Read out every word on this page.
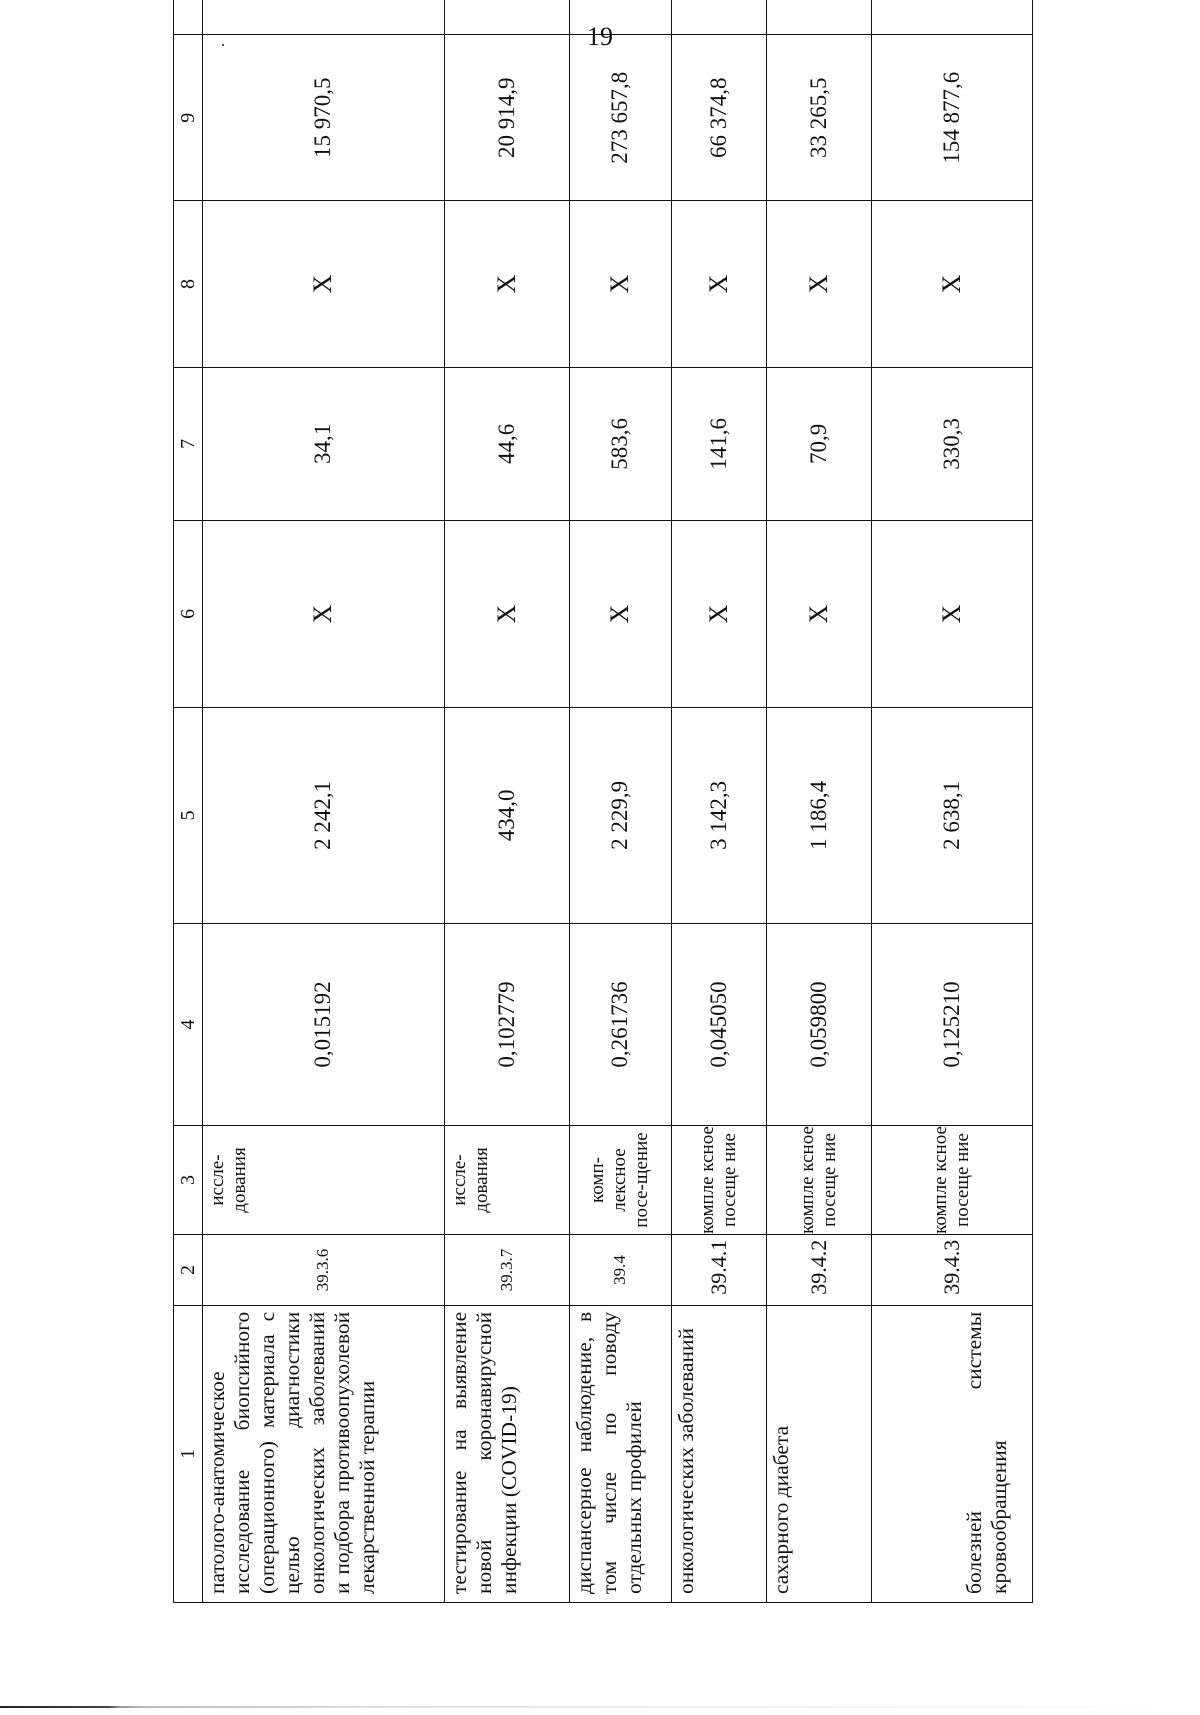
19
1	2	3	4	5	6	7	8	9	
патолого-анатомическое исследование биопсийного (операционного) материала с целью диагностики онкологических заболеваний и подбора противоопухолевой лекарственной терапии	39.3.6	иссле-дования	0,015192	2 242,1	X	34,1	X	15 970,5	
тестирование на выявление новой коронавирусной инфекции (COVID-19)	39.3.7	иссле-дования	0,102779	434,0	X	44,6	X	20 914,9	
диспансерное наблюдение, в том числе по поводу отдельных профилей	39.4	комп-лексное посе-щение	0,261736	2 229,9	X	583,6	X	273 657,8	
онкологических заболеваний	39.4.1	компле ксное посеще ние	0,045050	3 142,3	X	141,6	X	66 374,8	
сахарного диабета	39.4.2	компле ксное посеще ние	0,059800	1 186,4	X	70,9	X	33 265,5	
болезней системы кровообращения	39.4.3	компле ксное посеще ние	0,125210	2 638,1	X	330,3	X	154 877,6	
